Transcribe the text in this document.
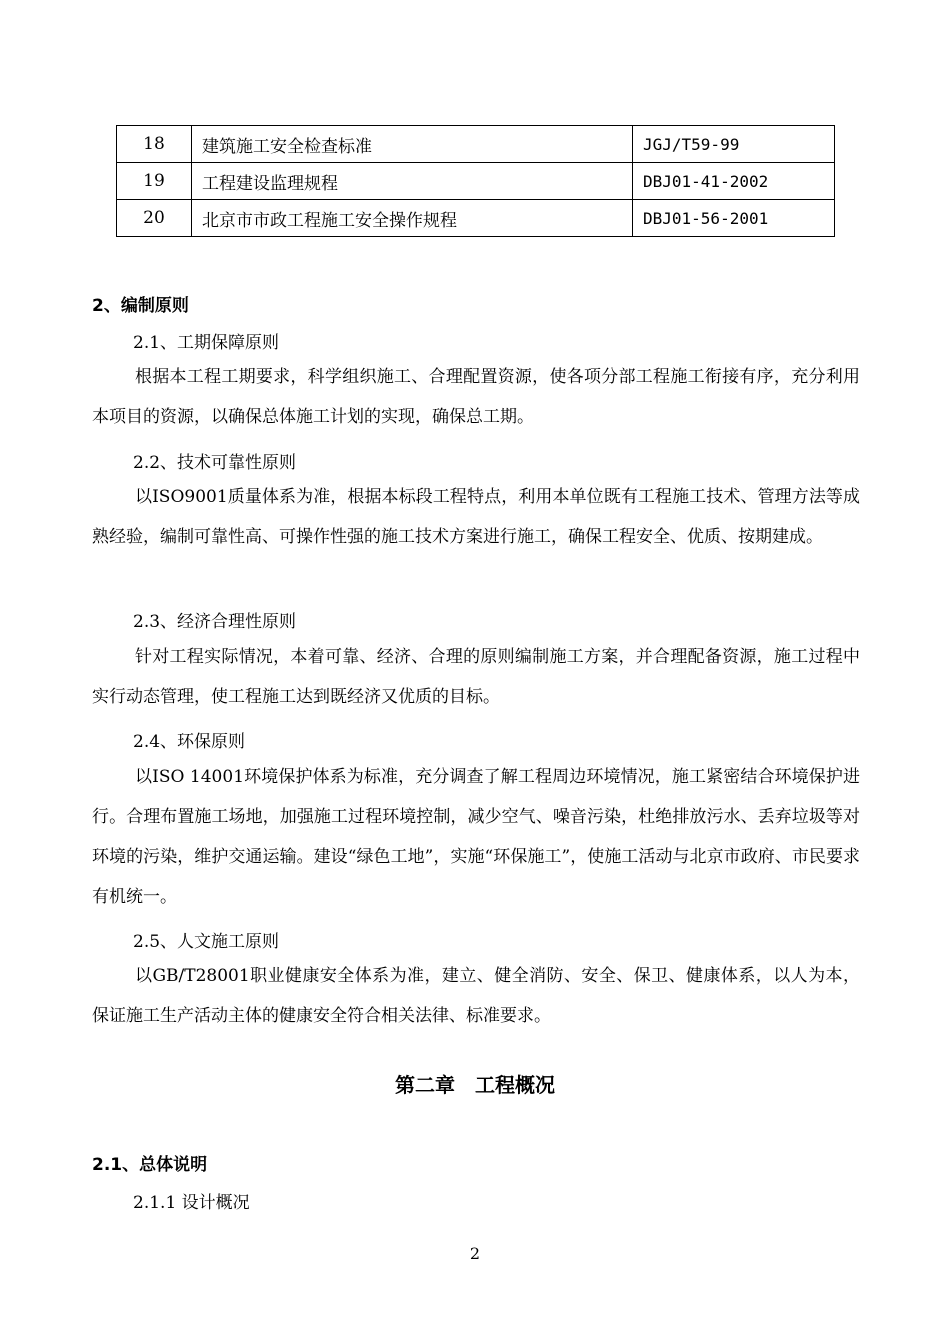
18	建筑施工安全检查标准	JGJ/T59-99
19	工程建设监理规程	DBJ01-41-2002
20	北京市市政工程施工安全操作规程	DBJ01-56-2001
2、编制原则
2.1、工期保障原则
根据本工程工期要求，科学组织施工、合理配置资源，使各项分部工程施工衔接有序，充分利用本项目的资源，以确保总体施工计划的实现，确保总工期。
2.2、技术可靠性原则
以ISO9001质量体系为准，根据本标段工程特点，利用本单位既有工程施工技术、管理方法等成熟经验，编制可靠性高、可操作性强的施工技术方案进行施工，确保工程安全、优质、按期建成。
2.3、经济合理性原则
针对工程实际情况，本着可靠、经济、合理的原则编制施工方案，并合理配备资源，施工过程中实行动态管理，使工程施工达到既经济又优质的目标。
2.4、环保原则
以ISO 14001环境保护体系为标准，充分调查了解工程周边环境情况，施工紧密结合环境保护进行。合理布置施工场地，加强施工过程环境控制，减少空气、噪音污染，杜绝排放污水、丢弃垃圾等对环境的污染，维护交通运输。建设“绿色工地”，实施“环保施工”，使施工活动与北京市政府、市民要求有机统一。
2.5、人文施工原则
以GB/T28001职业健康安全体系为准，建立、健全消防、安全、保卫、健康体系，以人为本，保证施工生产活动主体的健康安全符合相关法律、标准要求。
第二章　工程概况
2.1、总体说明
2.1.1 设计概况
2
